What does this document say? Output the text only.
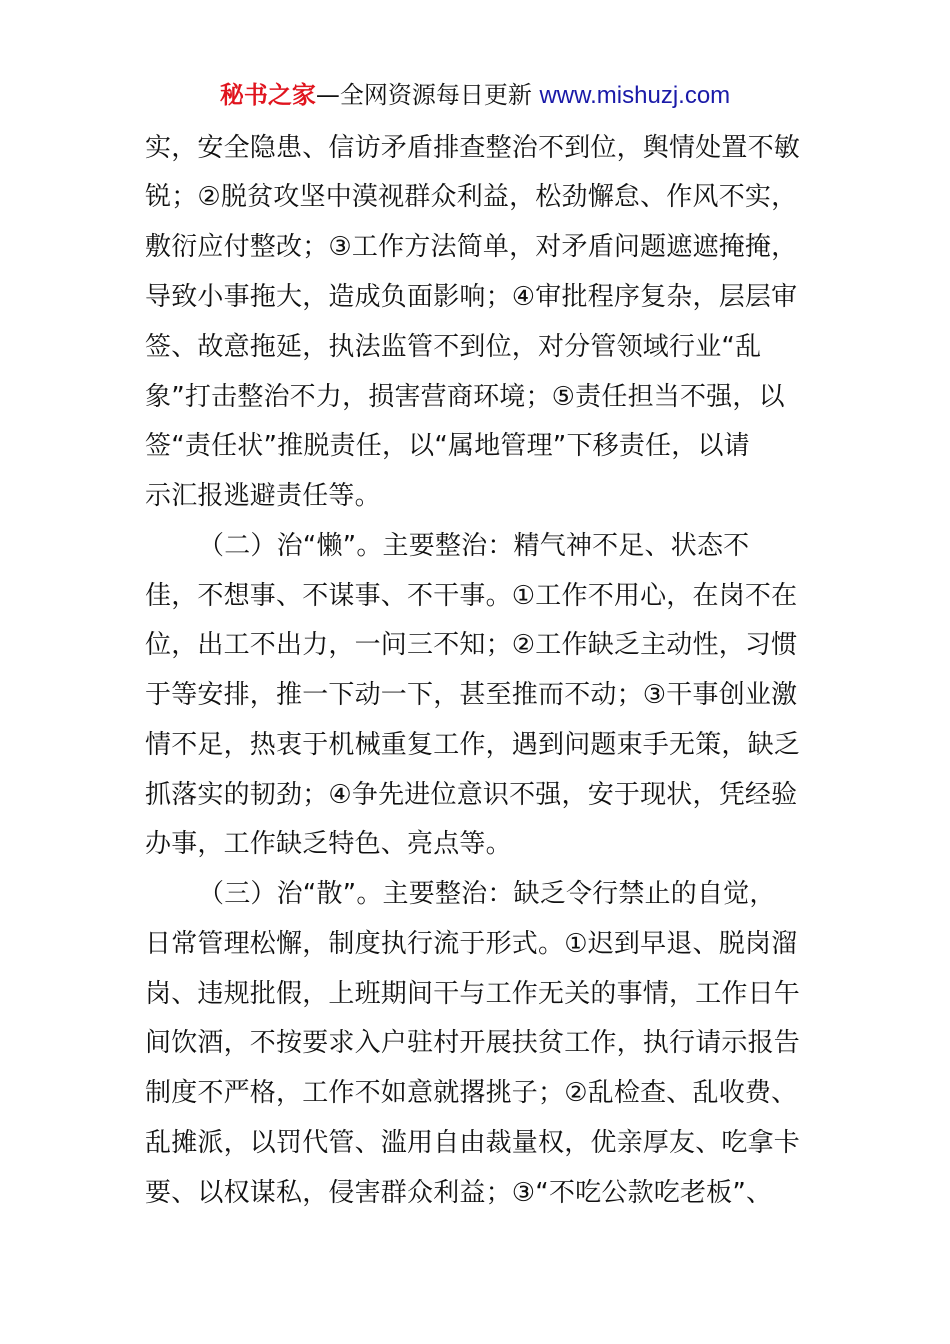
秘书之家—全网资源每日更新 www.mishuzj.com
实，安全隐患、信访矛盾排查整治不到位，舆情处置不敏
锐；②脱贫攻坚中漠视群众利益，松劲懈怠、作风不实，
敷衍应付整改；③工作方法简单，对矛盾问题遮遮掩掩，
导致小事拖大，造成负面影响；④审批程序复杂，层层审
签、故意拖延，执法监管不到位，对分管领域行业“乱
象”打击整治不力，损害营商环境；⑤责任担当不强，以
签“责任状”推脱责任，以“属地管理”下移责任，以请
示汇报逃避责任等。
（二）治“懒”。主要整治：精气神不足、状态不
佳，不想事、不谋事、不干事。①工作不用心，在岗不在
位，出工不出力，一问三不知；②工作缺乏主动性，习惯
于等安排，推一下动一下，甚至推而不动；③干事创业激
情不足，热衷于机械重复工作，遇到问题束手无策，缺乏
抓落实的韧劲；④争先进位意识不强，安于现状，凭经验
办事，工作缺乏特色、亮点等。
（三）治“散”。主要整治：缺乏令行禁止的自觉，
日常管理松懈，制度执行流于形式。①迟到早退、脱岗溜
岗、违规批假，上班期间干与工作无关的事情，工作日午
间饮酒，不按要求入户驻村开展扶贫工作，执行请示报告
制度不严格，工作不如意就撂挑子；②乱检查、乱收费、
乱摊派，以罚代管、滥用自由裁量权，优亲厚友、吃拿卡
要、以权谋私，侵害群众利益；③“不吃公款吃老板”、
